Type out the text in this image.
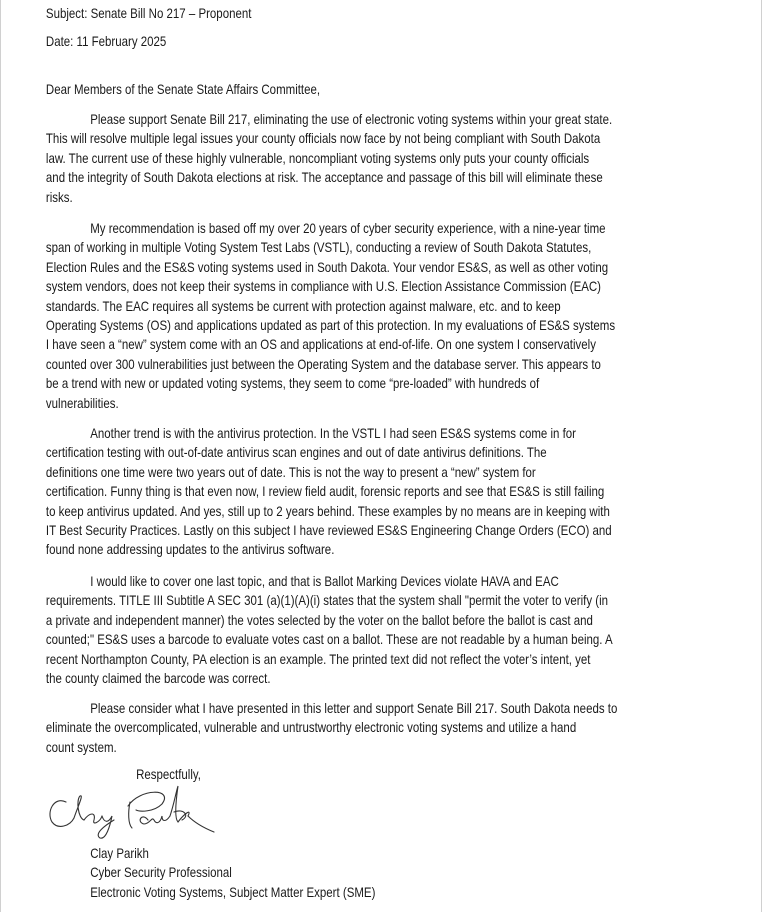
Subject: Senate Bill No 217 – Proponent
Date: 11 February 2025
Dear Members of the Senate State Affairs Committee,
Please support Senate Bill 217, eliminating the use of electronic voting systems within your great state.
This will resolve multiple legal issues your county officials now face by not being compliant with South Dakota
law. The current use of these highly vulnerable, noncompliant voting systems only puts your county officials
and the integrity of South Dakota elections at risk. The acceptance and passage of this bill will eliminate these
risks.
My recommendation is based off my over 20 years of cyber security experience, with a nine-year time
span of working in multiple Voting System Test Labs (VSTL), conducting a review of South Dakota Statutes,
Election Rules and the ES&S voting systems used in South Dakota. Your vendor ES&S, as well as other voting
system vendors, does not keep their systems in compliance with U.S. Election Assistance Commission (EAC)
standards. The EAC requires all systems be current with protection against malware, etc. and to keep
Operating Systems (OS) and applications updated as part of this protection. In my evaluations of ES&S systems
I have seen a “new” system come with an OS and applications at end-of-life. On one system I conservatively
counted over 300 vulnerabilities just between the Operating System and the database server. This appears to
be a trend with new or updated voting systems, they seem to come “pre-loaded” with hundreds of
vulnerabilities.
Another trend is with the antivirus protection. In the VSTL I had seen ES&S systems come in for
certification testing with out-of-date antivirus scan engines and out of date antivirus definitions. The
definitions one time were two years out of date. This is not the way to present a “new” system for
certification. Funny thing is that even now, I review field audit, forensic reports and see that ES&S is still failing
to keep antivirus updated. And yes, still up to 2 years behind. These examples by no means are in keeping with
IT Best Security Practices. Lastly on this subject I have reviewed ES&S Engineering Change Orders (ECO) and
found none addressing updates to the antivirus software.
I would like to cover one last topic, and that is Ballot Marking Devices violate HAVA and EAC
requirements. TITLE III Subtitle A SEC 301 (a)(1)(A)(i) states that the system shall "permit the voter to verify (in
a private and independent manner) the votes selected by the voter on the ballot before the ballot is cast and
counted;" ES&S uses a barcode to evaluate votes cast on a ballot. These are not readable by a human being. A
recent Northampton County, PA election is an example. The printed text did not reflect the voter’s intent, yet
the county claimed the barcode was correct.
Please consider what I have presented in this letter and support Senate Bill 217. South Dakota needs to
eliminate the overcomplicated, vulnerable and untrustworthy electronic voting systems and utilize a hand
count system.
Respectfully,
Clay Parikh
Cyber Security Professional
Electronic Voting Systems, Subject Matter Expert (SME)
